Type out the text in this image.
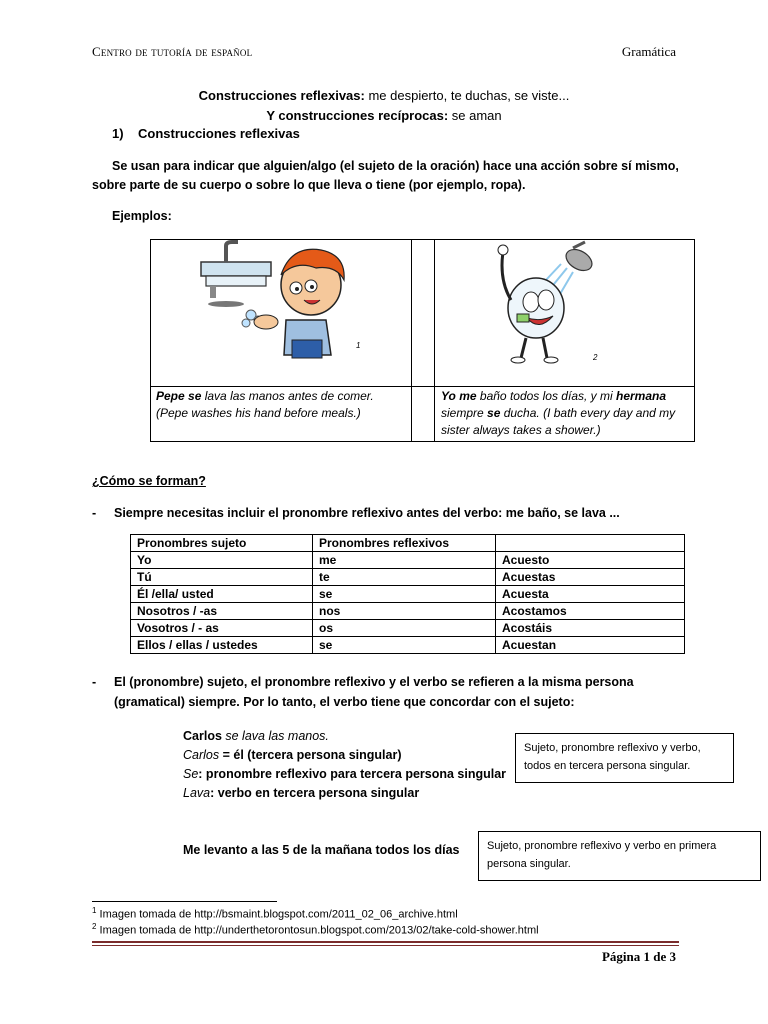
Centro de tutoría de español	Gramática
Construcciones reflexivas: me despierto, te duchas, se viste...
Y construcciones recíprocas: se aman
1)    Construcciones reflexivas
Se usan para indicar que alguien/algo (el sujeto de la oración) hace una acción sobre sí mismo, sobre parte de su cuerpo o sobre lo que lleva o tiene (por ejemplo, ropa).
Ejemplos:
1
2
Pepe se lava las manos antes de comer.
(Pepe washes his hand before meals.)
Yo me baño todos los días, y mi hermana
siempre se ducha. (I bath every day and my sister always takes a shower.)
¿Cómo se forman?
- Siempre necesitas incluir el pronombre reflexivo antes del verbo: me baño, se lava ...
Pronombres sujeto	Pronombres reflexivos	
Yo	me	Acuesto
Tú	te	Acuestas
Él /ella/ usted	se	Acuesta
Nosotros / -as	nos	Acostamos
Vosotros / - as	os	Acostáis
Ellos / ellas / ustedes	se	Acuestan
- El (pronombre) sujeto, el pronombre reflexivo y el verbo se refieren a la misma persona (gramatical) siempre. Por lo tanto, el verbo tiene que concordar con el sujeto:
Carlos se lava las manos.
Carlos = él (tercera persona singular)
Se: pronombre reflexivo para tercera persona singular
Lava: verbo en tercera persona singular
Sujeto, pronombre reflexivo y verbo, todos en tercera persona singular.
Me levanto a las 5 de la mañana todos los días	Sujeto, pronombre reflexivo y verbo en primera persona singular.
$^1$ Imagen tomada de http://bsmaint.blogspot.com/2011_02_06_archive.html
$^2$ Imagen tomada de http://underthetorontosun.blogspot.com/2013/02/take-cold-shower.html
Página 1 de 3
